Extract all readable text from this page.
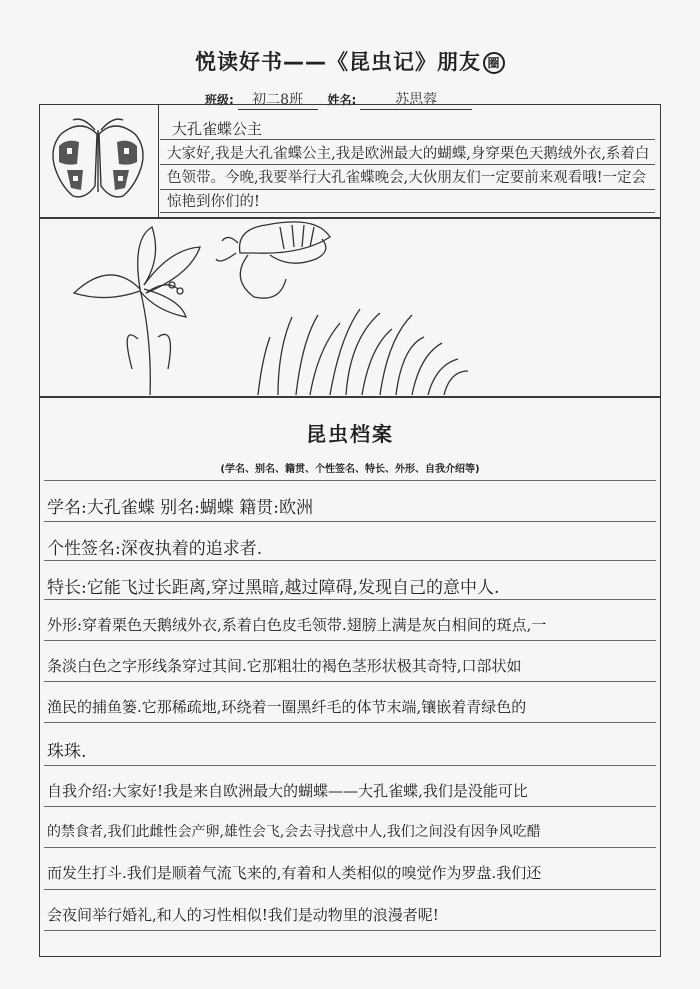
悦读好书——《昆虫记》朋友 圈
班级: 初二8班 姓名:	苏思蓉
大孔雀蝶公主
大家好,我是大孔雀蝶公主,我是欧洲最大的蝴蝶,身穿栗色天鹅绒外衣,系着白色领带。今晚,我要举行大孔雀蝶晚会,大伙朋友们一定要前来观看哦!一定会惊艳到你们的!
昆虫档案
(学名、别名、籍贯、个性签名、特长、外形、自我介绍等)
学名:大孔雀蝶 别名:蝴蝶 籍贯:欧洲
个性签名:深夜执着的追求者.
特长:它能飞过长距离,穿过黑暗,越过障碍,发现自己的意中人.
外形:穿着栗色天鹅绒外衣,系着白色皮毛领带.翅膀上满是灰白相间的斑点,一
条淡白色之字形线条穿过其间.它那粗壮的褐色茎形状极其奇特,口部状如
渔民的捕鱼篓.它那稀疏地,环绕着一圈黑纤毛的体节末端,镶嵌着青绿色的
珠珠.
自我介绍:大家好!我是来自欧洲最大的蝴蝶——大孔雀蝶,我们是没能可比
的禁食者,我们此雌性会产卵,雄性会飞,会去寻找意中人,我们之间没有因争风吃醋
而发生打斗.我们是顺着气流飞来的,有着和人类相似的嗅觉作为罗盘.我们还
会夜间举行婚礼,和人的习性相似!我们是动物里的浪漫者呢!
